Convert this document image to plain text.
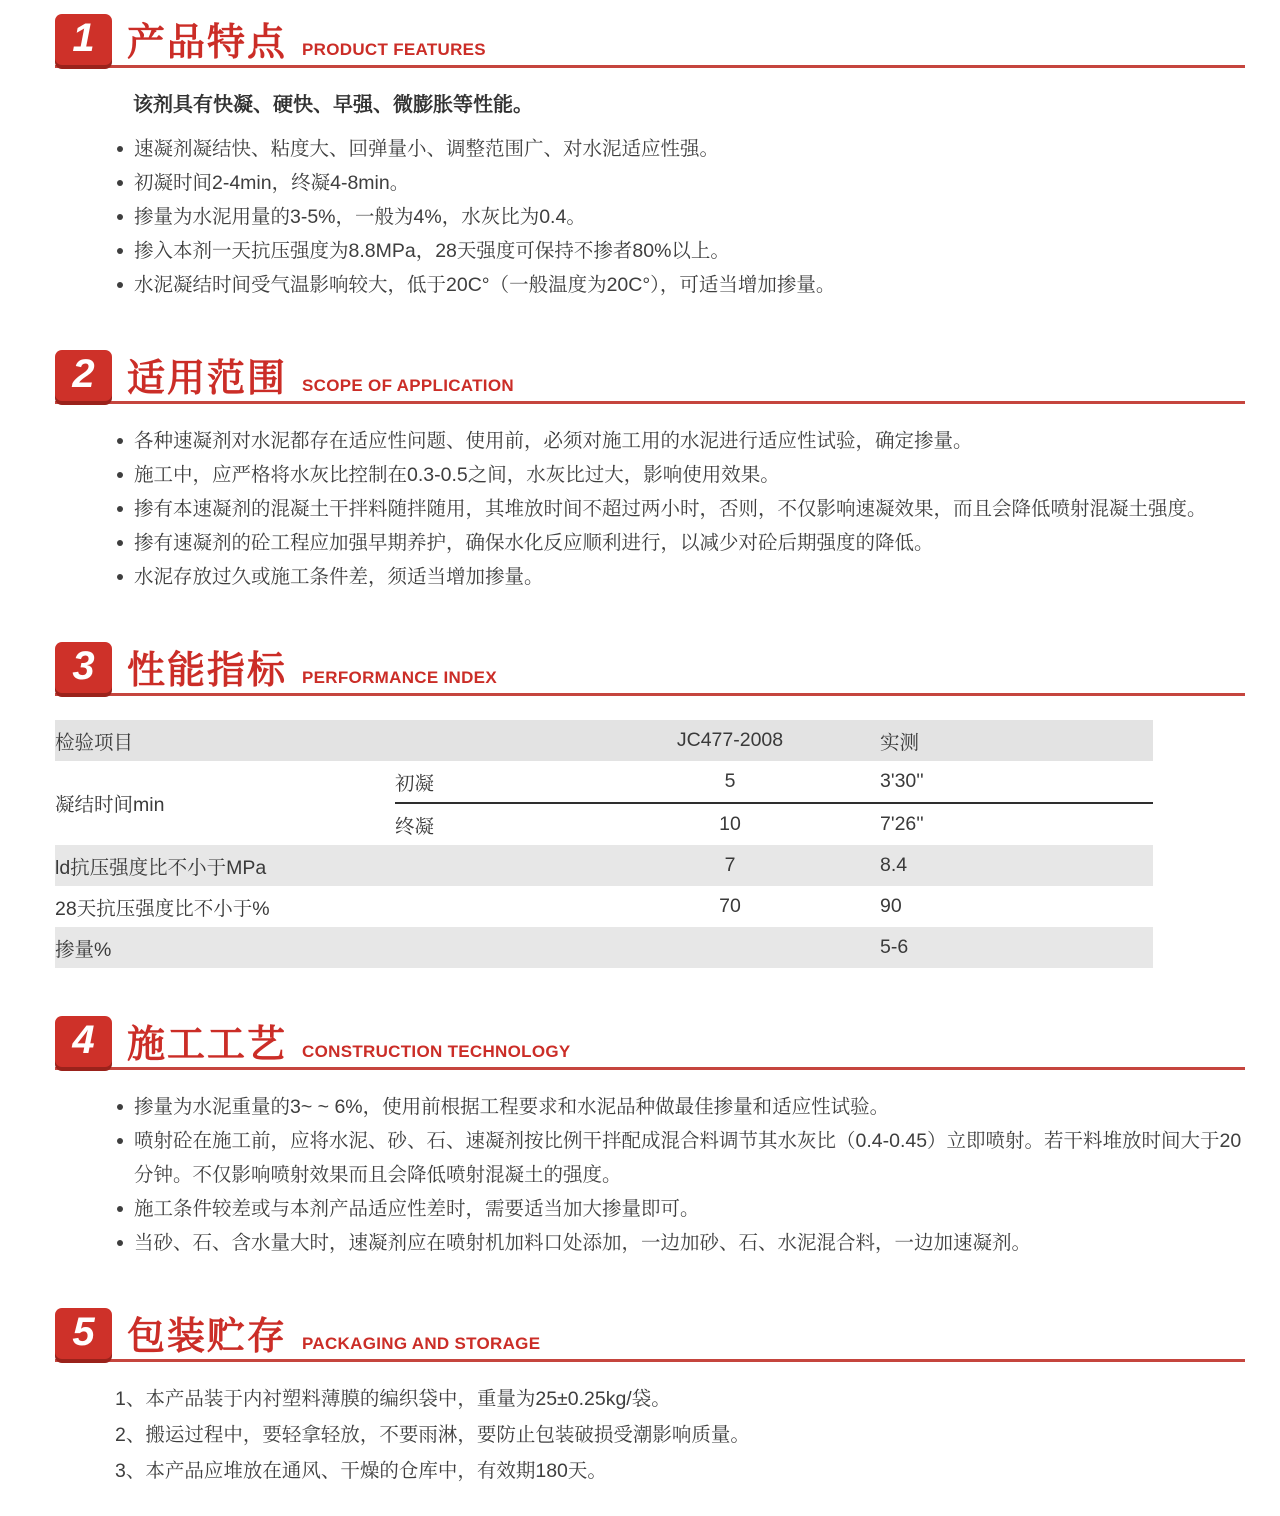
1 产品特点 PRODUCT FEATURES

该剂具有快凝、硬快、早强、微膨胀等性能。

速凝剂凝结快、粘度大、回弹量小、调整范围广、对水泥适应性强。
初凝时间2-4min，终凝4-8min。
掺量为水泥用量的3-5%，一般为4%，水灰比为0.4。
掺入本剂一天抗压强度为8.8MPa，28天强度可保持不掺者80%以上。
水泥凝结时间受气温影响较大，低于20C°（一般温度为20C°），可适当增加掺量。
2 适用范围 SCOPE OF APPLICATION
各种速凝剂对水泥都存在适应性问题、使用前，必须对施工用的水泥进行适应性试验，确定掺量。
施工中，应严格将水灰比控制在0.3-0.5之间，水灰比过大，影响使用效果。
掺有本速凝剂的混凝土干拌料随拌随用，其堆放时间不超过两小时，否则，不仅影响速凝效果，而且会降低喷射混凝土强度。
掺有速凝剂的砼工程应加强早期养护，确保水化反应顺利进行，以减少对砼后期强度的降低。
水泥存放过久或施工条件差，须适当增加掺量。
3 性能指标 PERFORMANCE INDEX
检验项目		JC477-2008	实测
凝结时间min	初凝	5	3'30''
	终凝	10	7'26''
ld抗压强度比不小于MPa		7	8.4
28天抗压强度比不小于%		70	90
掺量%			5-6
4 施工工艺 CONSTRUCTION TECHNOLOGY
掺量为水泥重量的3~ ~ 6%，使用前根据工程要求和水泥品种做最佳掺量和适应性试验。
喷射砼在施工前，应将水泥、砂、石、速凝剂按比例干拌配成混合料调节其水灰比（0.4-0.45）立即喷射。若干料堆放时间大于20分钟。不仅影响喷射效果而且会降低喷射混凝土的强度。
施工条件较差或与本剂产品适应性差时，需要适当加大掺量即可。
当砂、石、含水量大时，速凝剂应在喷射机加料口处添加，一边加砂、石、水泥混合料，一边加速凝剂。
5 包装贮存 PACKAGING AND STORAGE
1、本产品装于内衬塑料薄膜的编织袋中，重量为25±0.25kg/袋。
2、搬运过程中，要轻拿轻放，不要雨淋，要防止包装破损受潮影响质量。
3、本产品应堆放在通风、干燥的仓库中，有效期180天。
